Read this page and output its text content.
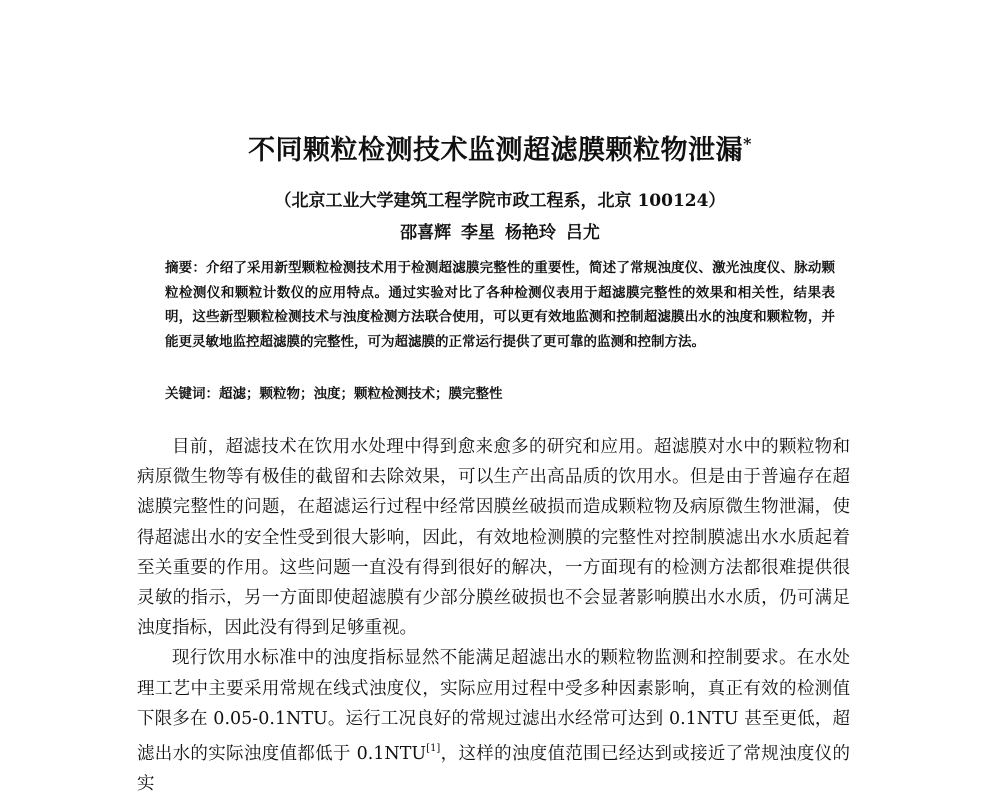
不同颗粒检测技术监测超滤膜颗粒物泄漏*
（北京工业大学建筑工程学院市政工程系，北京 100124）
邵喜辉 李星 杨艳玲 吕尤
摘要：介绍了采用新型颗粒检测技术用于检测超滤膜完整性的重要性，简述了常规浊度仪、激光浊度仪、脉动颗粒检测仪和颗粒计数仪的应用特点。通过实验对比了各种检测仪表用于超滤膜完整性的效果和相关性，结果表明，这些新型颗粒检测技术与浊度检测方法联合使用，可以更有效地监测和控制超滤膜出水的浊度和颗粒物，并能更灵敏地监控超滤膜的完整性，可为超滤膜的正常运行提供了更可靠的监测和控制方法。
关键词：超滤；颗粒物；浊度；颗粒检测技术；膜完整性

目前，超滤技术在饮用水处理中得到愈来愈多的研究和应用。超滤膜对水中的颗粒物和病原微生物等有极佳的截留和去除效果，可以生产出高品质的饮用水。但是由于普遍存在超滤膜完整性的问题，在超滤运行过程中经常因膜丝破损而造成颗粒物及病原微生物泄漏，使得超滤出水的安全性受到很大影响，因此，有效地检测膜的完整性对控制膜滤出水水质起着至关重要的作用。这些问题一直没有得到很好的解决，一方面现有的检测方法都很难提供很灵敏的指示，另一方面即使超滤膜有少部分膜丝破损也不会显著影响膜出水水质，仍可满足浊度指标，因此没有得到足够重视。

现行饮用水标准中的浊度指标显然不能满足超滤出水的颗粒物监测和控制要求。在水处理工艺中主要采用常规在线式浊度仪，实际应用过程中受多种因素影响，真正有效的检测值下限多在 0.05-0.1NTU。运行工况良好的常规过滤出水经常可达到 0.1NTU 甚至更低，超滤出水的实际浊度值都低于 0.1NTU[1]，这样的浊度值范围已经达到或接近了常规浊度仪的实
